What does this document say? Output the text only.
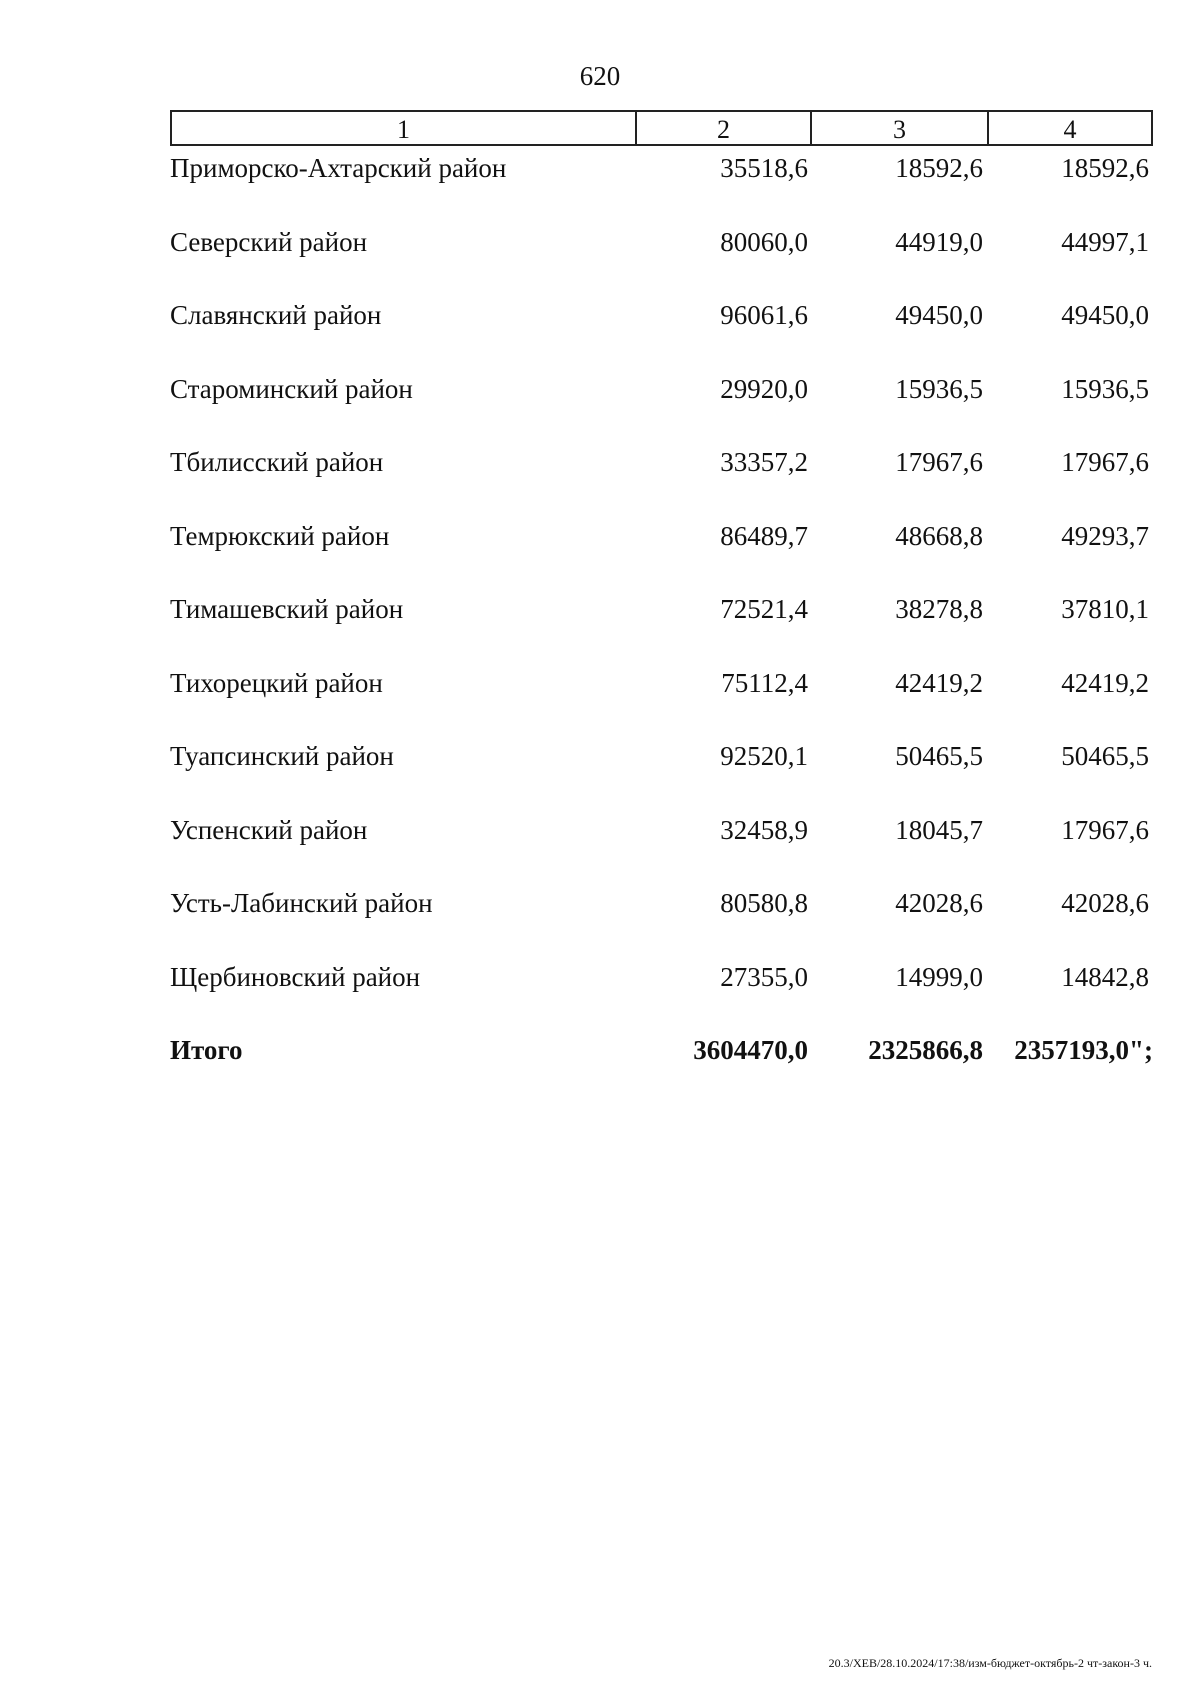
620
1	2	3	4
Приморско-Ахтарский район	35518,6	18592,6	18592,6
Северский район	80060,0	44919,0	44997,1
Славянский район	96061,6	49450,0	49450,0
Староминский район	29920,0	15936,5	15936,5
Тбилисский район	33357,2	17967,6	17967,6
Темрюкский район	86489,7	48668,8	49293,7
Тимашевский район	72521,4	38278,8	37810,1
Тихорецкий район	75112,4	42419,2	42419,2
Туапсинский район	92520,1	50465,5	50465,5
Успенский район	32458,9	18045,7	17967,6
Усть-Лабинский район	80580,8	42028,6	42028,6
Щербиновский район	27355,0	14999,0	14842,8
Итого	3604470,0 2325866,8 2357193,0";
20.3/ХЕВ/28.10.2024/17:38/изм-бюджет-октябрь-2 чт-закон-3 ч.
